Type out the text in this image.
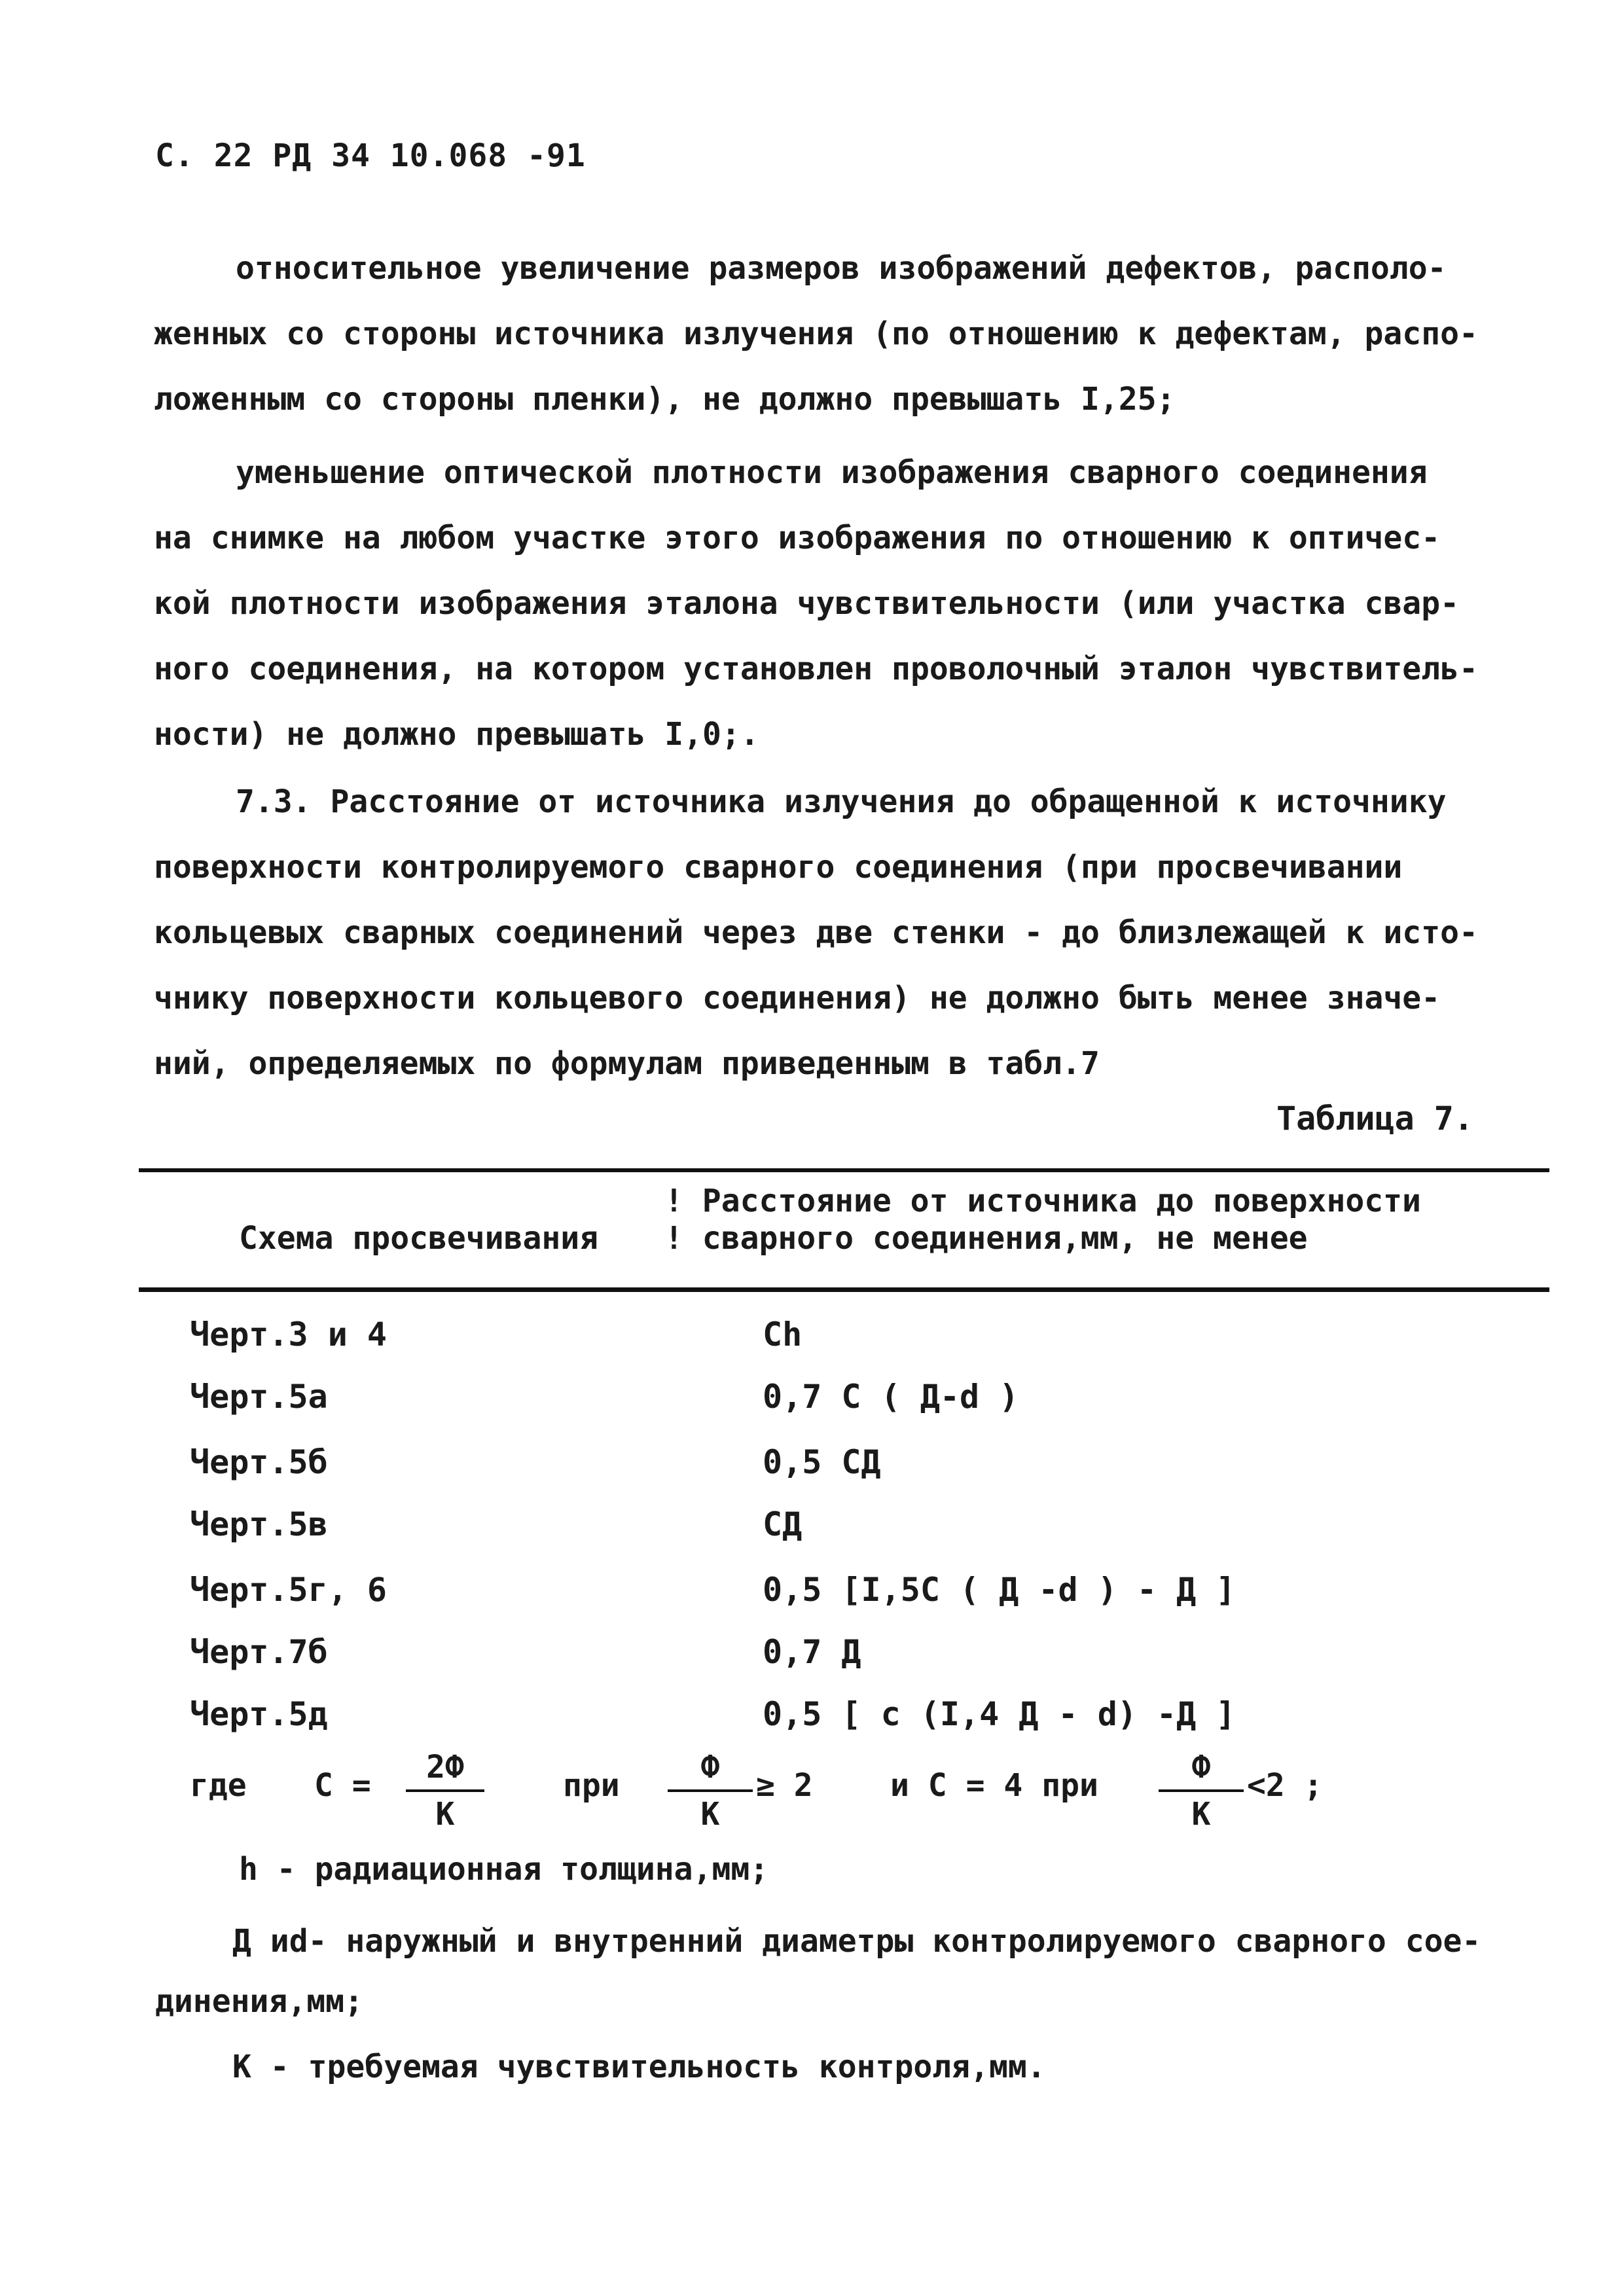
С. 22 РД 34 10.068 -91
относительное увеличение размеров изображений дефектов, располо-
женных со стороны источника излучения (по отношению к дефектам, распо-
ложенным со стороны пленки), не должно превышать I,25;
уменьшение оптической плотности изображения сварного соединения
на снимке на любом участке этого изображения по отношению к оптичес-
кой плотности изображения эталона чувствительности (или участка свар-
ного соединения, на котором установлен проволочный эталон чувствитель-
ности) не должно превышать I,0;.
7.3. Расстояние от источника излучения до обращенной к источнику
поверхности контролируемого сварного соединения (при просвечивании
кольцевых сварных соединений через две стенки - до близлежащей к исто-
чнику поверхности кольцевого соединения) не должно быть менее значе-
ний, определяемых по формулам приведенным в табл.7
Таблица 7.
Схема просвечивания
! Расстояние от источника до поверхности
! сварного соединения,мм, не менее
Черт.3 и 4	Сh
Черт.5а	0,7 С ( Д-d )
Черт.5б	0,5 СД
Черт.5в	СД
Черт.5г, 6	0,5 [I,5С ( Д -d ) - Д ]
Черт.7б	0,7 Д
Черт.5д	0,5 [ с (I,4 Д - d) -Д ]
где С =	2Ф
К
при	Ф
К
≥ 2 и С = 4 при	Ф
К
<2 ;
h - радиационная толщина,мм;
Д иd- наружный и внутренний диаметры контролируемого сварного сое-
динения,мм;
К - требуемая чувствительность контроля,мм.
